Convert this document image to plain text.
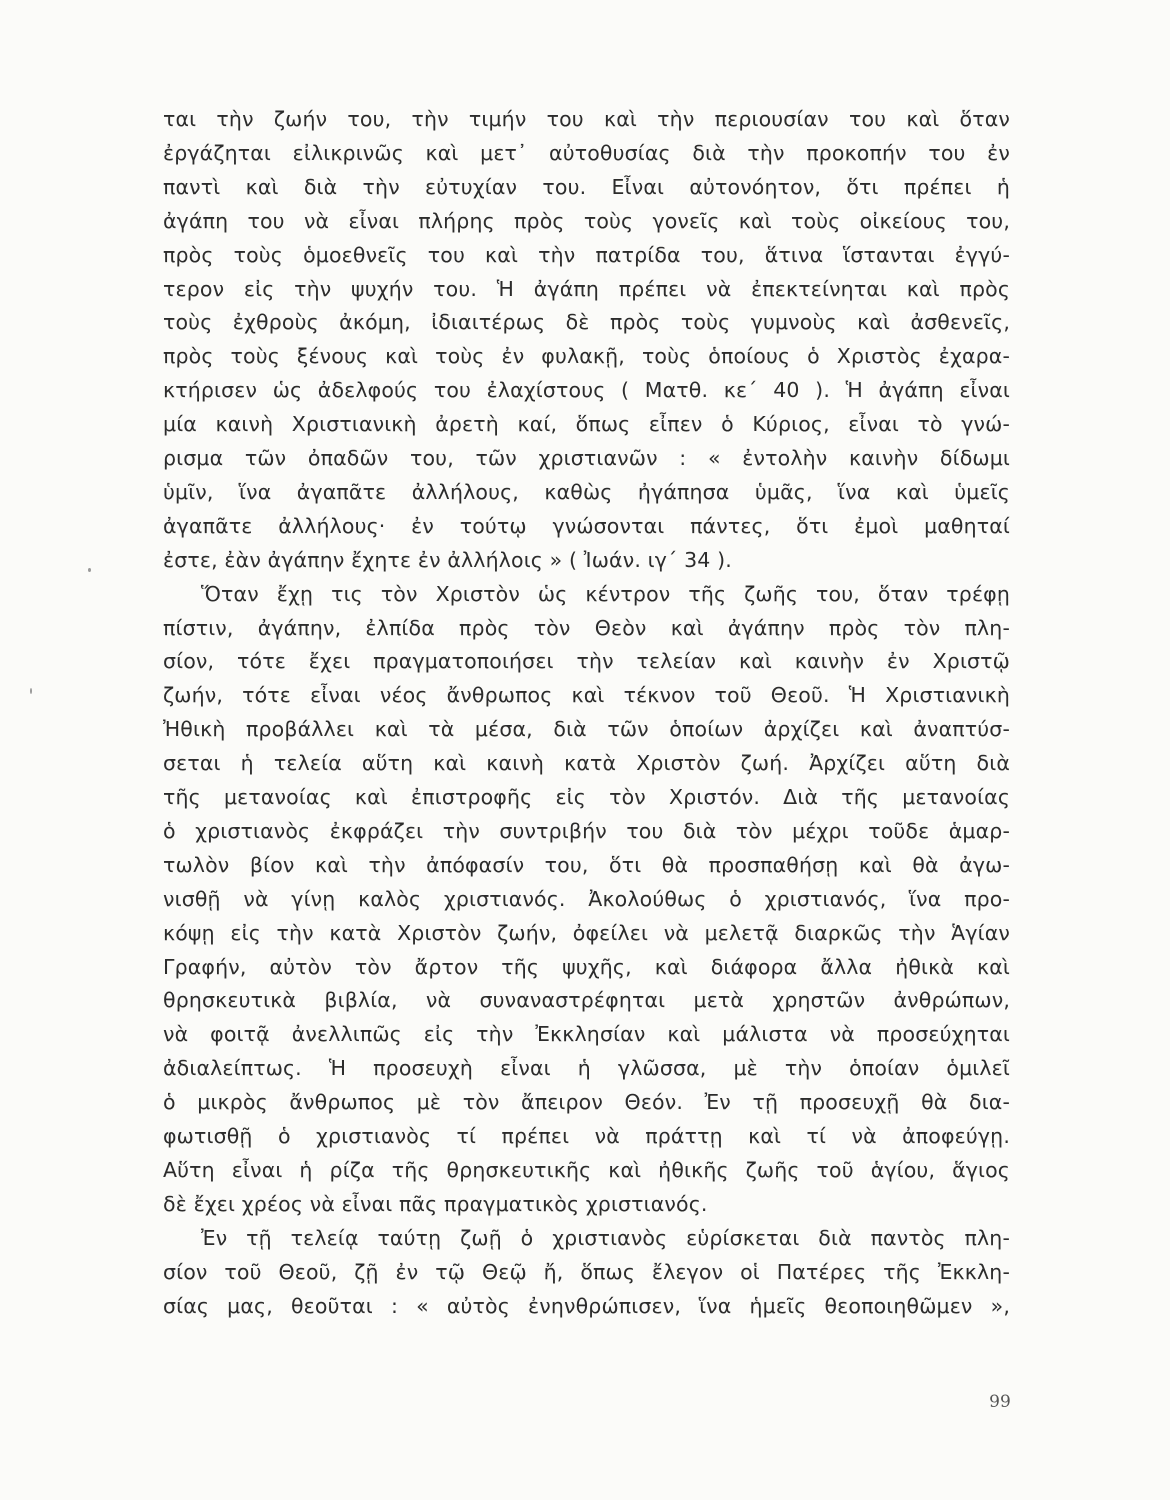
ται τὴν ζωήν του, τὴν τιμήν του καὶ τὴν περιουσίαν του καὶ ὅταν
ἐργάζηται εἰλικρινῶς καὶ μετ᾽ αὐτοθυσίας διὰ τὴν προκοπήν του ἐν
παντὶ καὶ διὰ τὴν εὐτυχίαν του. Εἶναι αὐτονόητον, ὅτι πρέπει ἡ
ἀγάπη του νὰ εἶναι πλήρης πρὸς τοὺς γονεῖς καὶ τοὺς οἰκείους του,
πρὸς τοὺς ὁμοεθνεῖς του καὶ τὴν πατρίδα του, ἅτινα ἵστανται ἐγγύ-
τερον εἰς τὴν ψυχήν του. Ἡ ἀγάπη πρέπει νὰ ἐπεκτείνηται καὶ πρὸς
τοὺς ἐχθροὺς ἀκόμη, ἰδιαιτέρως δὲ πρὸς τοὺς γυμνοὺς καὶ ἀσθενεῖς,
πρὸς τοὺς ξένους καὶ τοὺς ἐν φυλακῇ, τοὺς ὁποίους ὁ Χριστὸς ἐχαρα-
κτήρισεν ὡς ἀδελφούς του ἐλαχίστους ( Ματθ. κε΄ 40 ). Ἡ ἀγάπη εἶναι
μία καινὴ Χριστιανικὴ ἀρετὴ καί, ὅπως εἶπεν ὁ Κύριος, εἶναι τὸ γνώ-
ρισμα τῶν ὀπαδῶν του, τῶν χριστιανῶν : « ἐντολὴν καινὴν δίδωμι
ὑμῖν, ἵνα ἀγαπᾶτε ἀλλήλους, καθὼς ἠγάπησα ὑμᾶς, ἵνα καὶ ὑμεῖς
ἀγαπᾶτε ἀλλήλους· ἐν τούτῳ γνώσονται πάντες, ὅτι ἐμοὶ μαθηταί
ἐστε, ἐὰν ἀγάπην ἔχητε ἐν ἀλλήλοις » ( Ἰωάν. ιγ΄ 34 ).
Ὅταν ἔχῃ τις τὸν Χριστὸν ὡς κέντρον τῆς ζωῆς του, ὅταν τρέφῃ
πίστιν, ἀγάπην, ἐλπίδα πρὸς τὸν Θεὸν καὶ ἀγάπην πρὸς τὸν πλη-
σίον, τότε ἔχει πραγματοποιήσει τὴν τελείαν καὶ καινὴν ἐν Χριστῷ
ζωήν, τότε εἶναι νέος ἄνθρωπος καὶ τέκνον τοῦ Θεοῦ. Ἡ Χριστιανικὴ
Ἠθικὴ προβάλλει καὶ τὰ μέσα, διὰ τῶν ὁποίων ἀρχίζει καὶ ἀναπτύσ-
σεται ἡ τελεία αὕτη καὶ καινὴ κατὰ Χριστὸν ζωή. Ἀρχίζει αὕτη διὰ
τῆς μετανοίας καὶ ἐπιστροφῆς εἰς τὸν Χριστόν. Διὰ τῆς μετανοίας
ὁ χριστιανὸς ἐκφράζει τὴν συντριβήν του διὰ τὸν μέχρι τοῦδε ἁμαρ-
τωλὸν βίον καὶ τὴν ἀπόφασίν του, ὅτι θὰ προσπαθήσῃ καὶ θὰ ἀγω-
νισθῇ νὰ γίνῃ καλὸς χριστιανός. Ἀκολούθως ὁ χριστιανός, ἵνα προ-
κόψῃ εἰς τὴν κατὰ Χριστὸν ζωήν, ὀφείλει νὰ μελετᾷ διαρκῶς τὴν Ἁγίαν
Γραφήν, αὐτὸν τὸν ἄρτον τῆς ψυχῆς, καὶ διάφορα ἄλλα ἠθικὰ καὶ
θρησκευτικὰ βιβλία, νὰ συναναστρέφηται μετὰ χρηστῶν ἀνθρώπων,
νὰ φοιτᾷ ἀνελλιπῶς εἰς τὴν Ἐκκλησίαν καὶ μάλιστα νὰ προσεύχηται
ἀδιαλείπτως. Ἡ προσευχὴ εἶναι ἡ γλῶσσα, μὲ τὴν ὁποίαν ὁμιλεῖ
ὁ μικρὸς ἄνθρωπος μὲ τὸν ἄπειρον Θεόν. Ἐν τῇ προσευχῇ θὰ δια-
φωτισθῇ ὁ χριστιανὸς τί πρέπει νὰ πράττῃ καὶ τί νὰ ἀποφεύγῃ.
Αὕτη εἶναι ἡ ρίζα τῆς θρησκευτικῆς καὶ ἠθικῆς ζωῆς τοῦ ἁγίου, ἅγιος
δὲ ἔχει χρέος νὰ εἶναι πᾶς πραγματικὸς χριστιανός.
Ἐν τῇ τελείᾳ ταύτῃ ζωῇ ὁ χριστιανὸς εὑρίσκεται διὰ παντὸς πλη-
σίον τοῦ Θεοῦ, ζῇ ἐν τῷ Θεῷ ἤ, ὅπως ἔλεγον οἱ Πατέρες τῆς Ἐκκλη-
σίας μας, θεοῦται : « αὐτὸς ἐνηνθρώπισεν, ἵνα ἡμεῖς θεοποιηθῶμεν »,
99
